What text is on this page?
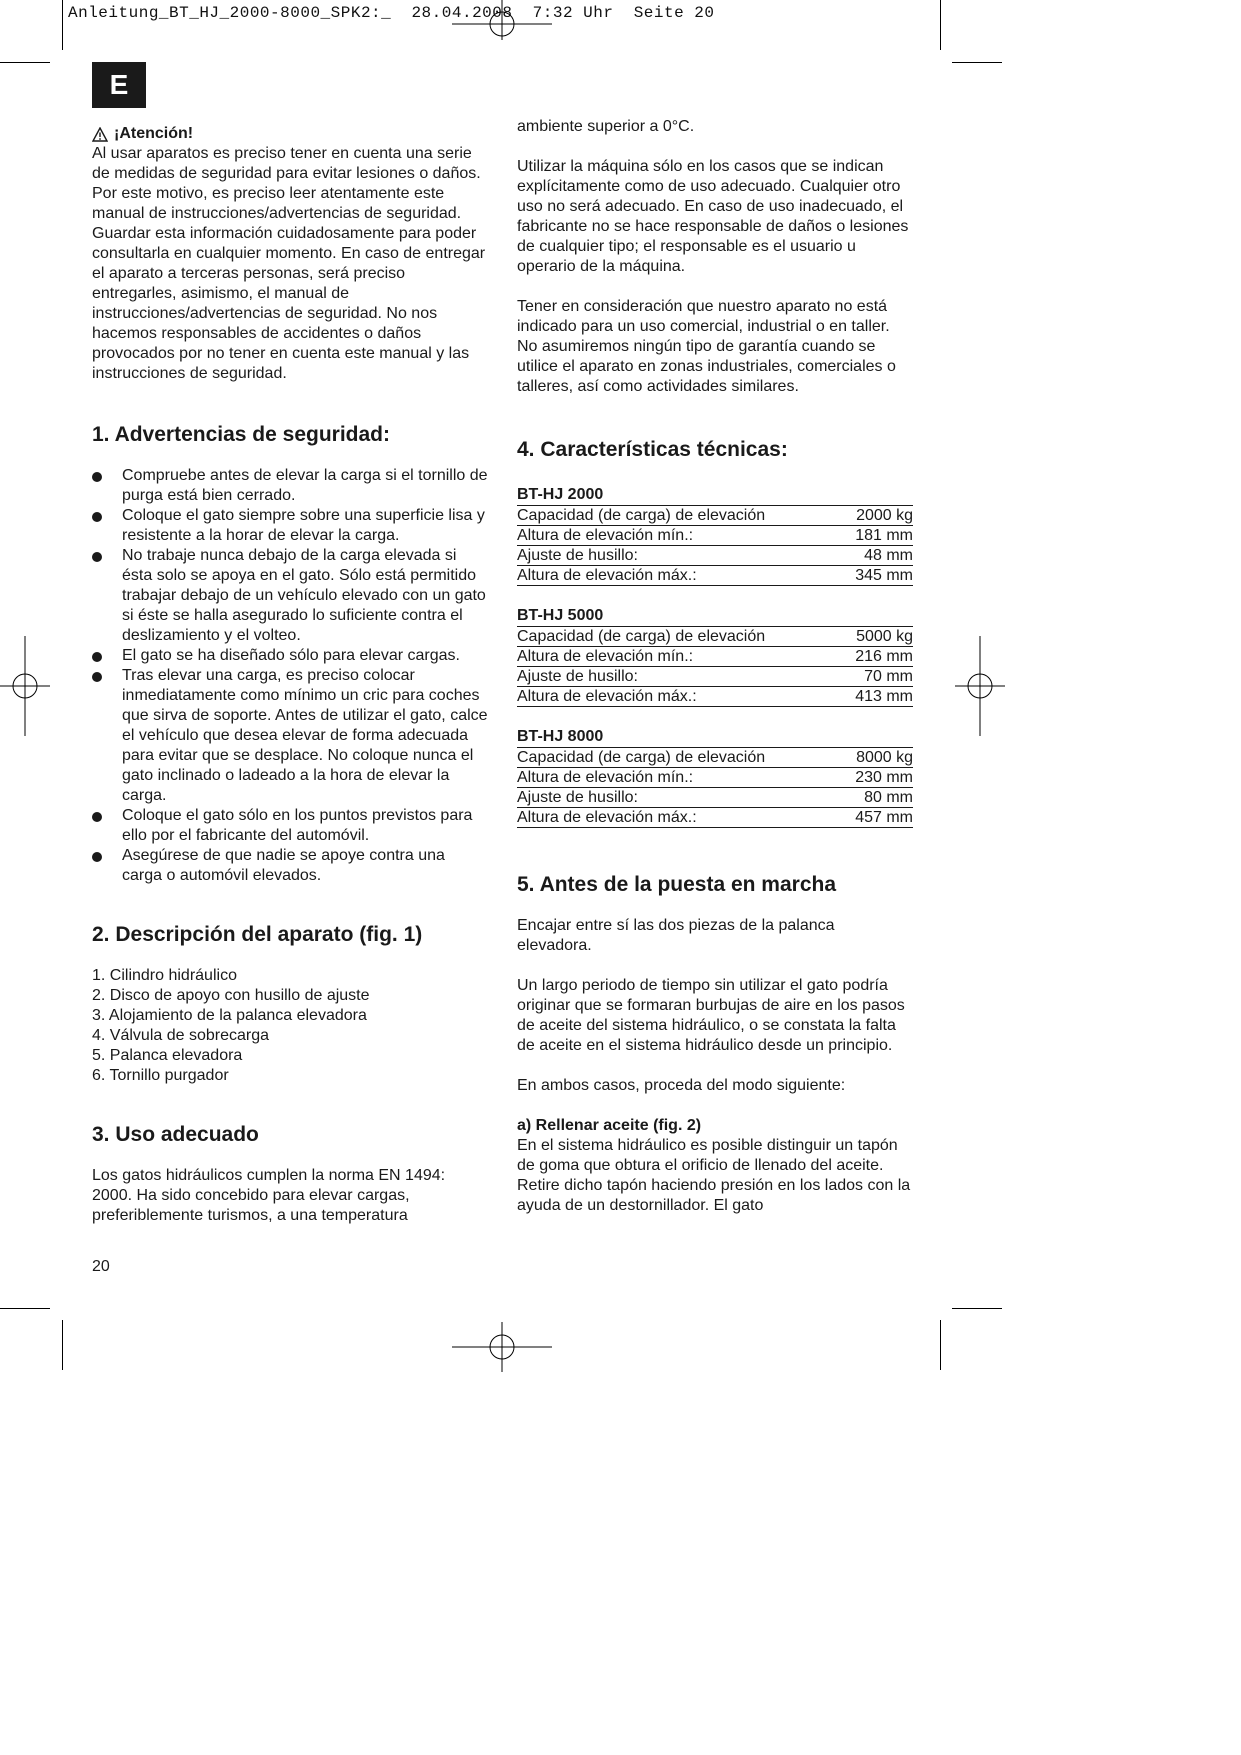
Anleitung_BT_HJ_2000-8000_SPK2:_  28.04.2008  7:32 Uhr  Seite 20
E
¡Atención!

Al usar aparatos es preciso tener en cuenta una serie de medidas de seguridad para evitar lesiones o daños. Por este motivo, es preciso leer atentamente este manual de instrucciones/advertencias de seguridad. Guardar esta información cuidadosamente para poder consultarla en cualquier momento. En caso de entregar el aparato a terceras personas, será preciso entregarles, asimismo, el manual de instrucciones/advertencias de seguridad. No nos hacemos responsables de accidentes o daños provocados por no tener en cuenta este manual y las instrucciones de seguridad.

1. Advertencias de seguridad:
Compruebe antes de elevar la carga si el tornillo de purga está bien cerrado.
Coloque el gato siempre sobre una superficie lisa y resistente a la horar de elevar la carga.
No trabaje nunca debajo de la carga elevada si ésta solo se apoya en el gato. Sólo está permitido trabajar debajo de un vehículo elevado con un gato si éste se halla asegurado lo suficiente contra el deslizamiento y el volteo.
El gato se ha diseñado sólo para elevar cargas.
Tras elevar una carga, es preciso colocar inmediatamente como mínimo un cric para coches que sirva de soporte. Antes de utilizar el gato, calce el vehículo que desea elevar de forma adecuada para evitar que se desplace. No coloque nunca el gato inclinado o ladeado a la hora de elevar la carga.
Coloque el gato sólo en los puntos previstos para ello por el fabricante del automóvil.
Asegúrese de que nadie se apoye contra una carga o automóvil elevados.
2. Descripción del aparato (fig. 1)
1. Cilindro hidráulico
2. Disco de apoyo con husillo de ajuste
3. Alojamiento de la palanca elevadora
4. Válvula de sobrecarga
5. Palanca elevadora
6. Tornillo purgador
3. Uso adecuado

Los gatos hidráulicos cumplen la norma EN 1494: 2000. Ha sido concebido para elevar cargas, preferiblemente turismos, a una temperatura

ambiente superior a 0°C.

Utilizar la máquina sólo en los casos que se indican explícitamente como de uso adecuado. Cualquier otro uso no será adecuado. En caso de uso inadecuado, el fabricante no se hace responsable de daños o lesiones de cualquier tipo; el responsable es el usuario u operario de la máquina.

Tener en consideración que nuestro aparato no está indicado para un uso comercial, industrial o en taller. No asumiremos ningún tipo de garantía cuando se utilice el aparato en zonas industriales, comerciales o talleres, así como actividades similares.

4. Características técnicas:
BT-HJ 2000
Capacidad (de carga) de elevación	2000 kg
Altura de elevación mín.:	181 mm
Ajuste de husillo:	48 mm
Altura de elevación máx.:	345 mm
BT-HJ 5000
Capacidad (de carga) de elevación	5000 kg
Altura de elevación mín.:	216 mm
Ajuste de husillo:	70 mm
Altura de elevación máx.:	413 mm
BT-HJ 8000
Capacidad (de carga) de elevación	8000 kg
Altura de elevación mín.:	230 mm
Ajuste de husillo:	80 mm
Altura de elevación máx.:	457 mm
5. Antes de la puesta en marcha

Encajar entre sí las dos piezas de la palanca elevadora.

Un largo periodo de tiempo sin utilizar el gato podría originar que se formaran burbujas de aire en los pasos de aceite del sistema hidráulico, o se constata la falta de aceite en el sistema hidráulico desde un principio.

En ambos casos, proceda del modo siguiente:

a) Rellenar aceite (fig. 2)

En el sistema hidráulico es posible distinguir un tapón de goma que obtura el orificio de llenado del aceite. Retire dicho tapón haciendo presión en los lados con la ayuda de un destornillador. El gato

20
